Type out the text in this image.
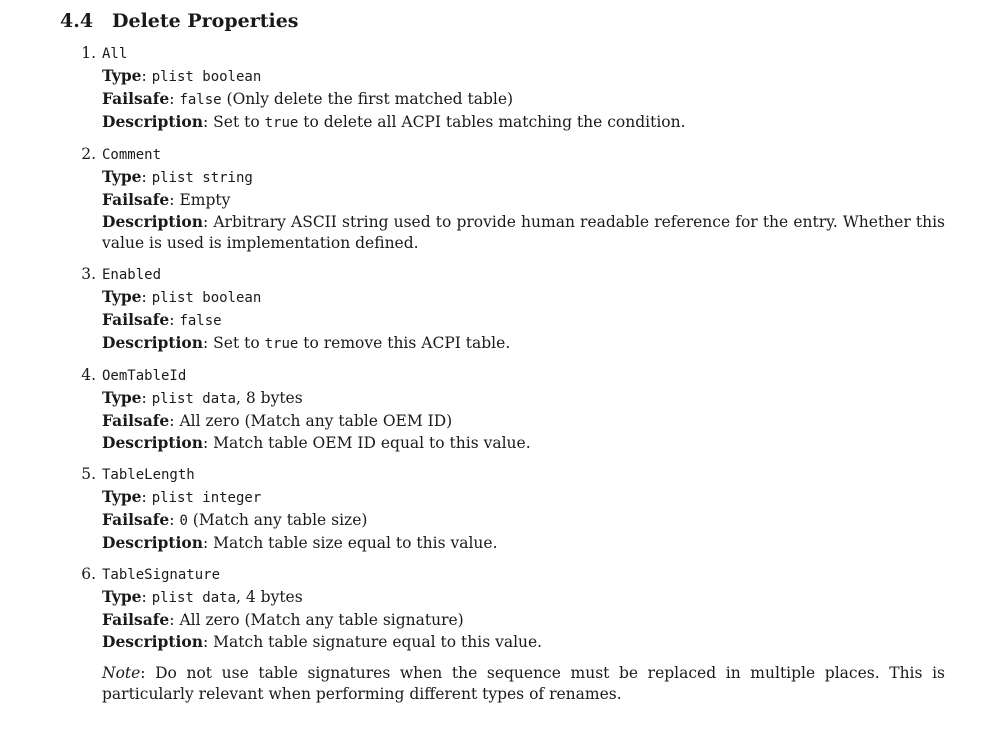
4.4 Delete Properties
1. All
Type: plist boolean
Failsafe: false (Only delete the first matched table)
Description: Set to true to delete all ACPI tables matching the condition.
2. Comment
Type: plist string
Failsafe: Empty
Description: Arbitrary ASCII string used to provide human readable reference for the entry. Whether this value is used is implementation defined.
3. Enabled
Type: plist boolean
Failsafe: false
Description: Set to true to remove this ACPI table.
4. OemTableId
Type: plist data, 8 bytes
Failsafe: All zero (Match any table OEM ID)
Description: Match table OEM ID equal to this value.
5. TableLength
Type: plist integer
Failsafe: 0 (Match any table size)
Description: Match table size equal to this value.
6. TableSignature
Type: plist data, 4 bytes
Failsafe: All zero (Match any table signature)
Description: Match table signature equal to this value.
Note: Do not use table signatures when the sequence must be replaced in multiple places. This is particularly relevant when performing different types of renames.
